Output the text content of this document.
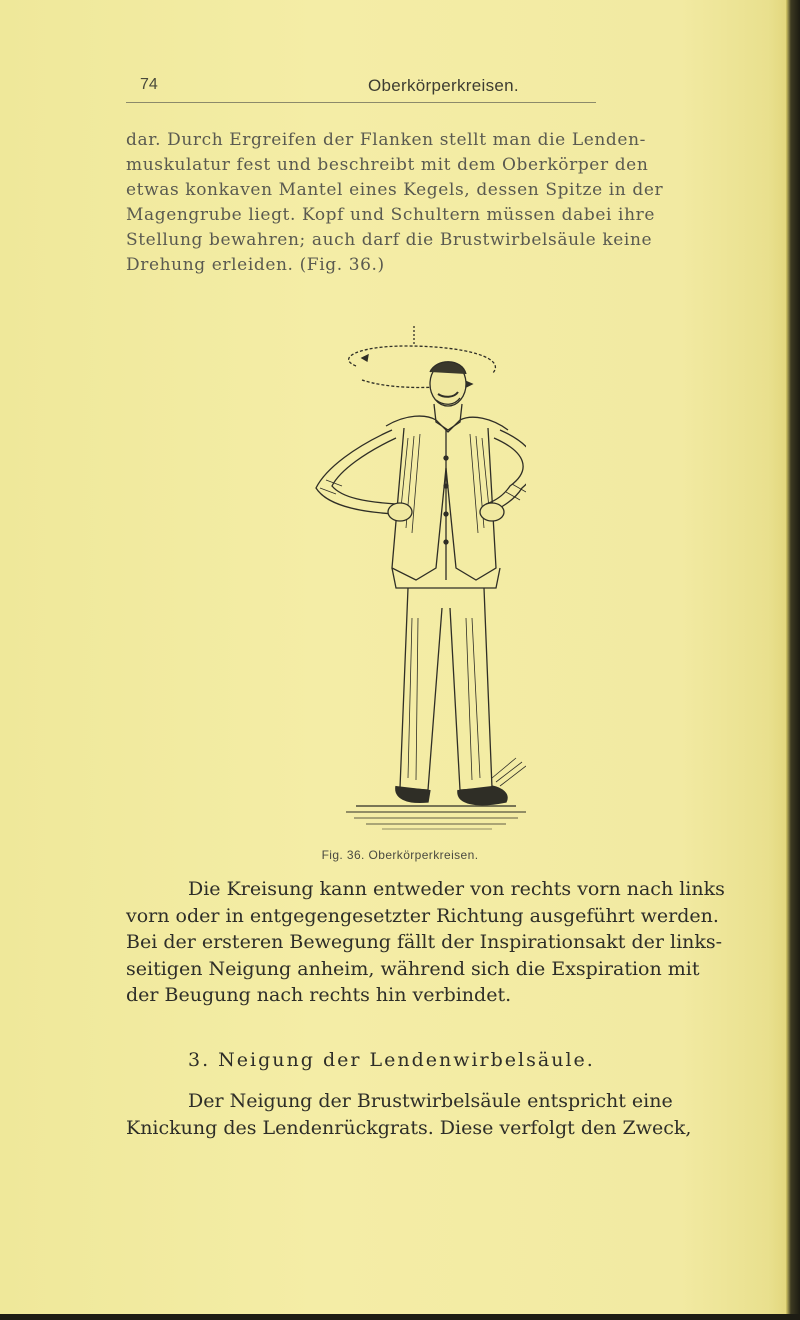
74	Oberkörperkreisen.
dar. Durch Ergreifen der Flanken stellt man die Lenden-
muskulatur fest und beschreibt mit dem Oberkörper den
etwas konkaven Mantel eines Kegels, dessen Spitze in der
Magengrube liegt. Kopf und Schultern müssen dabei ihre
Stellung bewahren; auch darf die Brustwirbelsäule keine
Drehung erleiden. (Fig. 36.)
Fig. 36. Oberkörperkreisen.
Die Kreisung kann entweder von rechts vorn nach links
vorn oder in entgegengesetzter Richtung ausgeführt werden.
Bei der ersteren Bewegung fällt der Inspirationsakt der links-
seitigen Neigung anheim, während sich die Exspiration mit
der Beugung nach rechts hin verbindet.
3. Neigung der Lendenwirbelsäule.
Der Neigung der Brustwirbelsäule entspricht eine
Knickung des Lendenrückgrats. Diese verfolgt den Zweck,
